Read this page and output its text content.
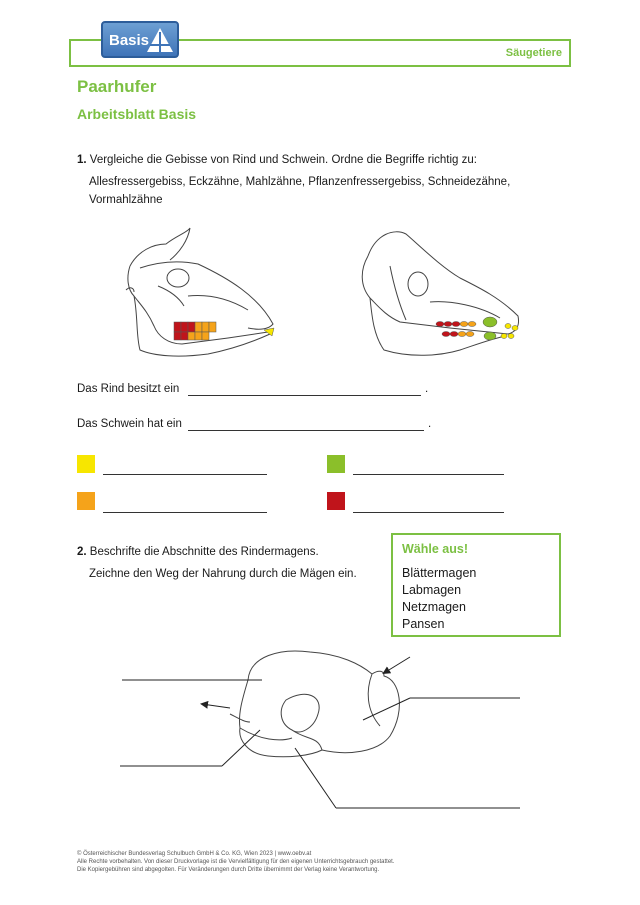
Basis
Säugetiere
Paarhufer
Arbeitsblatt Basis
1. Vergleiche die Gebisse von Rind und Schwein. Ordne die Begriffe richtig zu:
Allesfressergebiss, Eckzähne, Mahlzähne, Pflanzenfressergebiss, Schneidezähne,
Vormahlzähne
Das Rind besitzt ein	.
Das Schwein hat ein	.
2. Beschrifte die Abschnitte des Rindermagens.
Zeichne den Weg der Nahrung durch die Mägen ein.
Wähle aus!
Blättermagen
Labmagen
Netzmagen
Pansen
© Österreichischer Bundesverlag Schulbuch GmbH & Co. KG, Wien 2023 | www.oebv.at
Alle Rechte vorbehalten. Von dieser Druckvorlage ist die Vervielfältigung für den eigenen Unterrichtsgebrauch gestattet.
Die Kopiergebühren sind abgegolten. Für Veränderungen durch Dritte übernimmt der Verlag keine Verantwortung.
